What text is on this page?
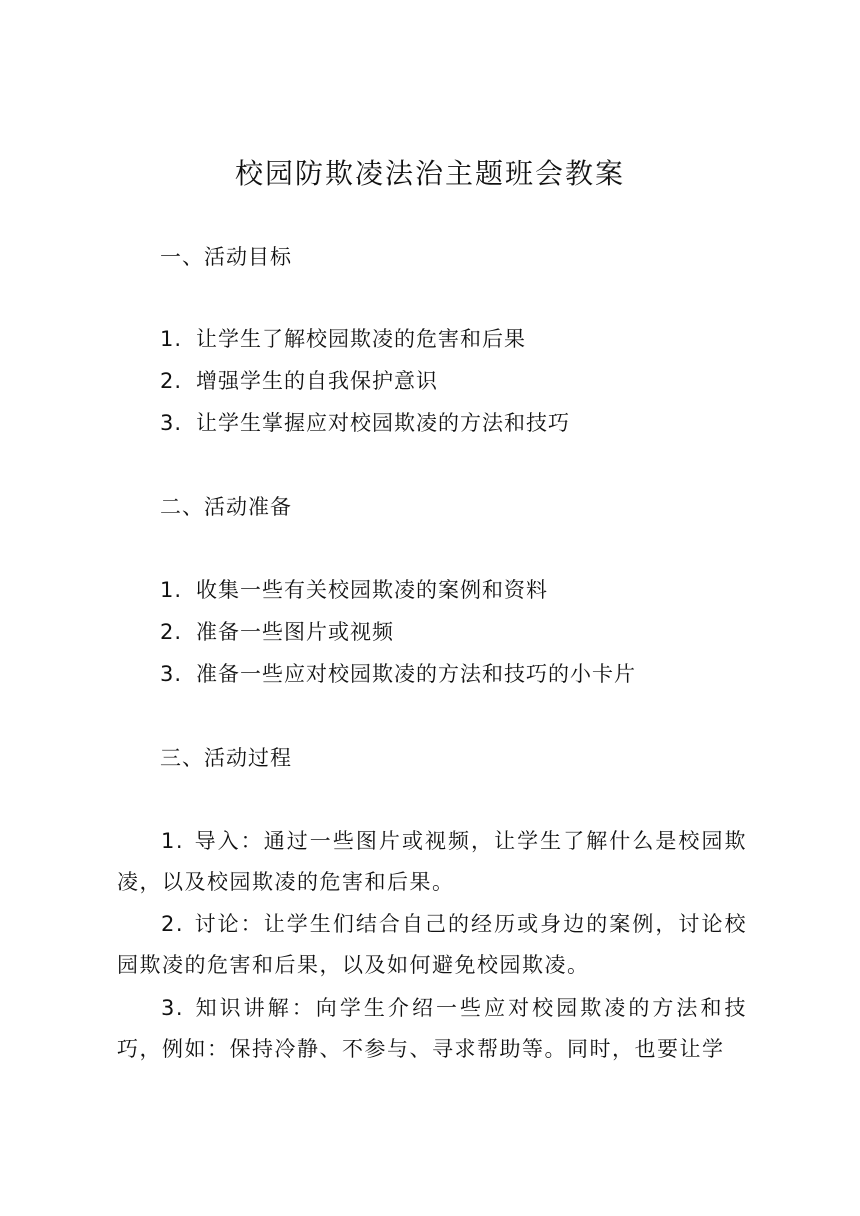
校园防欺凌法治主题班会教案
一、活动目标
1. 让学生了解校园欺凌的危害和后果
2. 增强学生的自我保护意识
3. 让学生掌握应对校园欺凌的方法和技巧
二、活动准备
1. 收集一些有关校园欺凌的案例和资料
2. 准备一些图片或视频
3. 准备一些应对校园欺凌的方法和技巧的小卡片
三、活动过程

1. 导入：通过一些图片或视频，让学生了解什么是校园欺凌，以及校园欺凌的危害和后果。

2. 讨论：让学生们结合自己的经历或身边的案例，讨论校园欺凌的危害和后果，以及如何避免校园欺凌。

3. 知识讲解：向学生介绍一些应对校园欺凌的方法和技巧，例如：保持冷静、不参与、寻求帮助等。同时，也要让学
